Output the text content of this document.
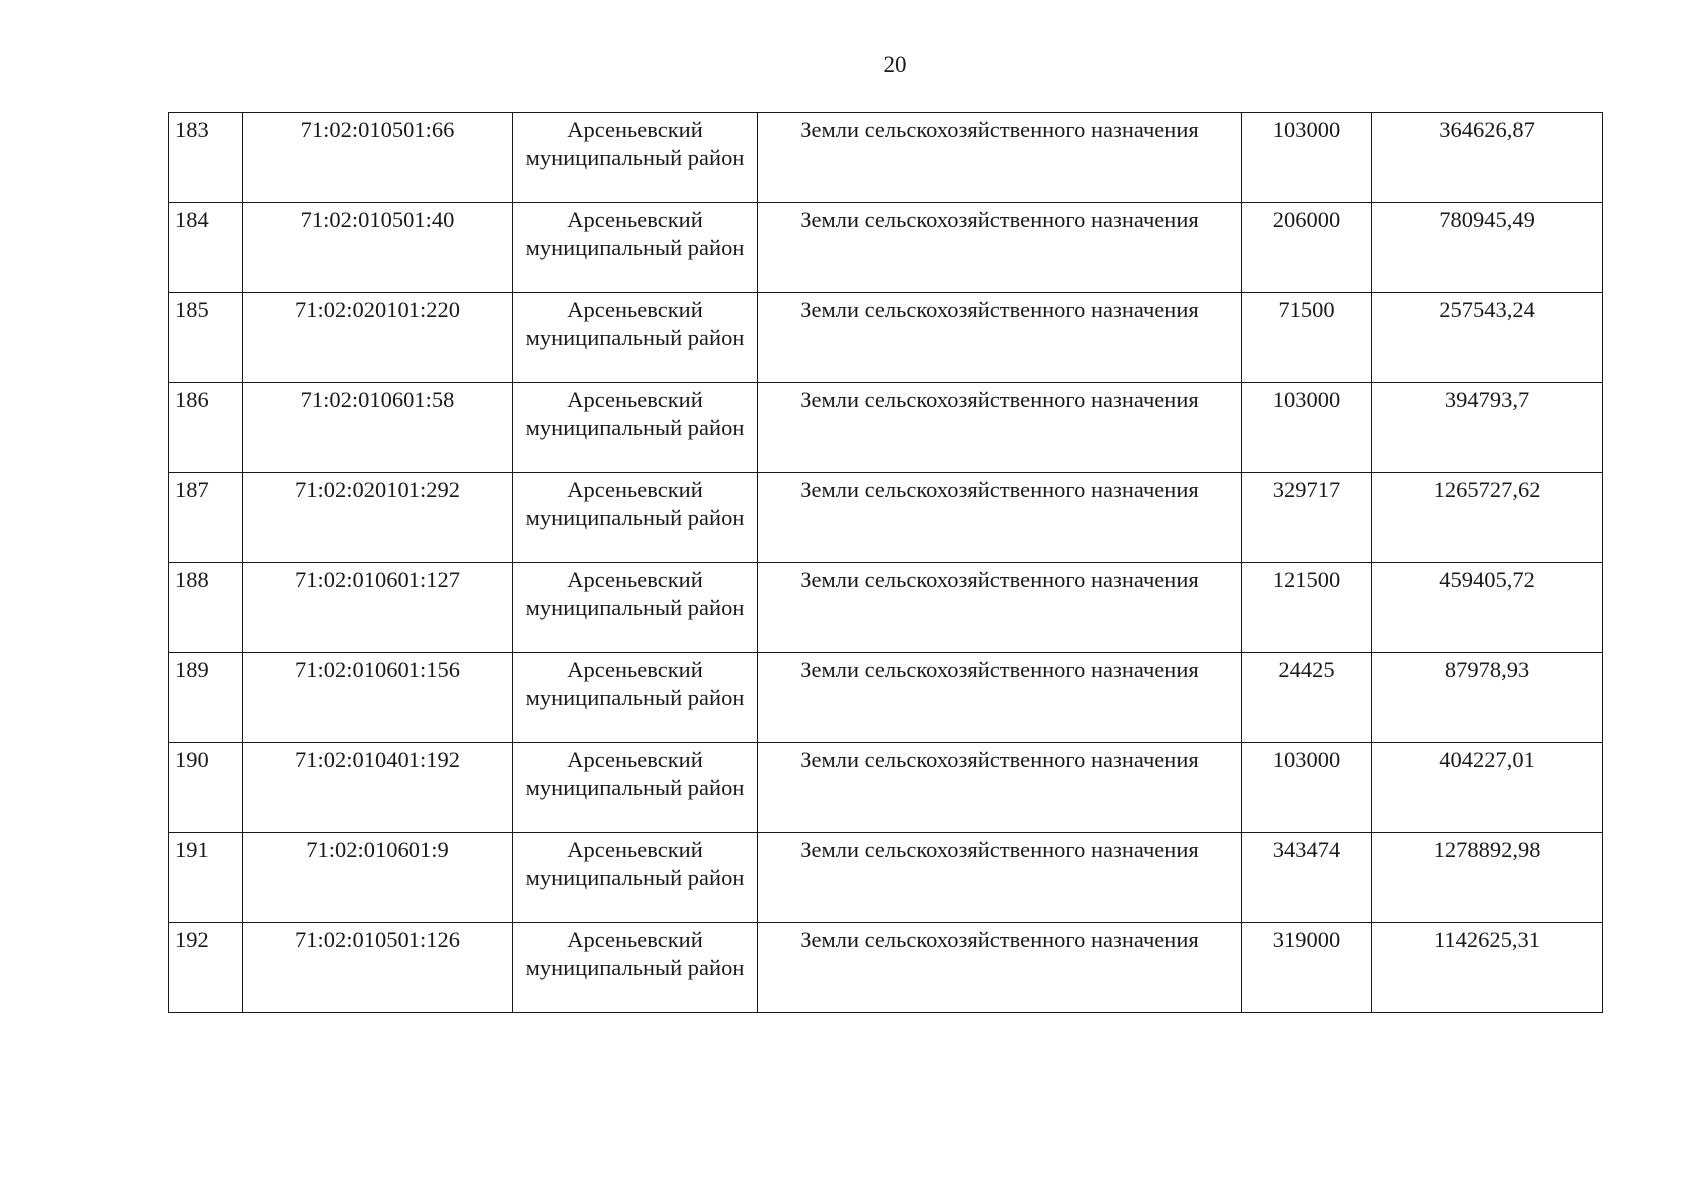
20
183	71:02:010501:66	Арсеньевский муниципальный район	Земли сельскохозяйственного назначения	103000	364626,87
184	71:02:010501:40	Арсеньевский муниципальный район	Земли сельскохозяйственного назначения	206000	780945,49
185	71:02:020101:220	Арсеньевский муниципальный район	Земли сельскохозяйственного назначения	71500	257543,24
186	71:02:010601:58	Арсеньевский муниципальный район	Земли сельскохозяйственного назначения	103000	394793,7
187	71:02:020101:292	Арсеньевский муниципальный район	Земли сельскохозяйственного назначения	329717	1265727,62
188	71:02:010601:127	Арсеньевский муниципальный район	Земли сельскохозяйственного назначения	121500	459405,72
189	71:02:010601:156	Арсеньевский муниципальный район	Земли сельскохозяйственного назначения	24425	87978,93
190	71:02:010401:192	Арсеньевский муниципальный район	Земли сельскохозяйственного назначения	103000	404227,01
191	71:02:010601:9	Арсеньевский муниципальный район	Земли сельскохозяйственного назначения	343474	1278892,98
192	71:02:010501:126	Арсеньевский муниципальный район	Земли сельскохозяйственного назначения	319000	1142625,31
